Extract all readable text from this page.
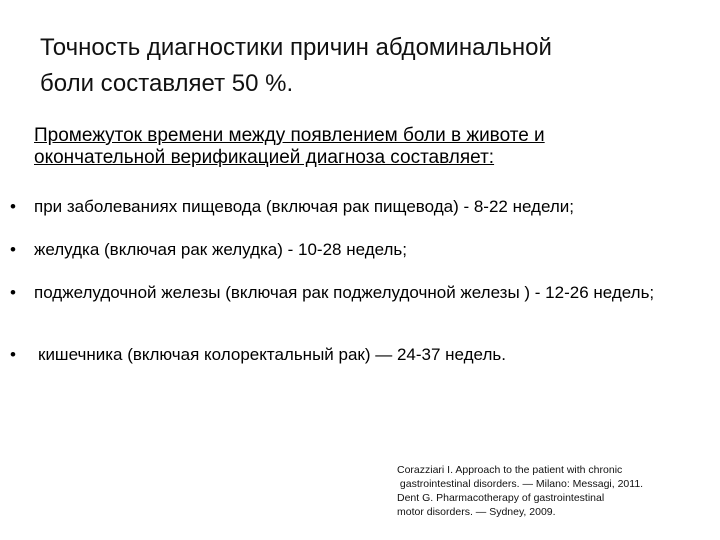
Точность диагностики причин абдоминальной
боли составляет 50 %.
Промежуток времени между появлением боли в животе и
окончательной верификацией диагноза составляет:
•	при заболеваниях пищевода (включая рак пищевода) - 8-22 недели;
•	желудка (включая рак желудка) - 10-28 недель;
•	поджелудочной железы (включая рак поджелудочной железы ) - 12-26 недель;
•	кишечника (включая колоректальный рак) — 24-37 недель.
Corazziari I. Approach to the patient with chronic
gastrointestinal disorders. — Milano: Messagi, 2011.
Dent G. Pharmacotherapy of gastrointestinal
motor disorders. — Sydney, 2009.
